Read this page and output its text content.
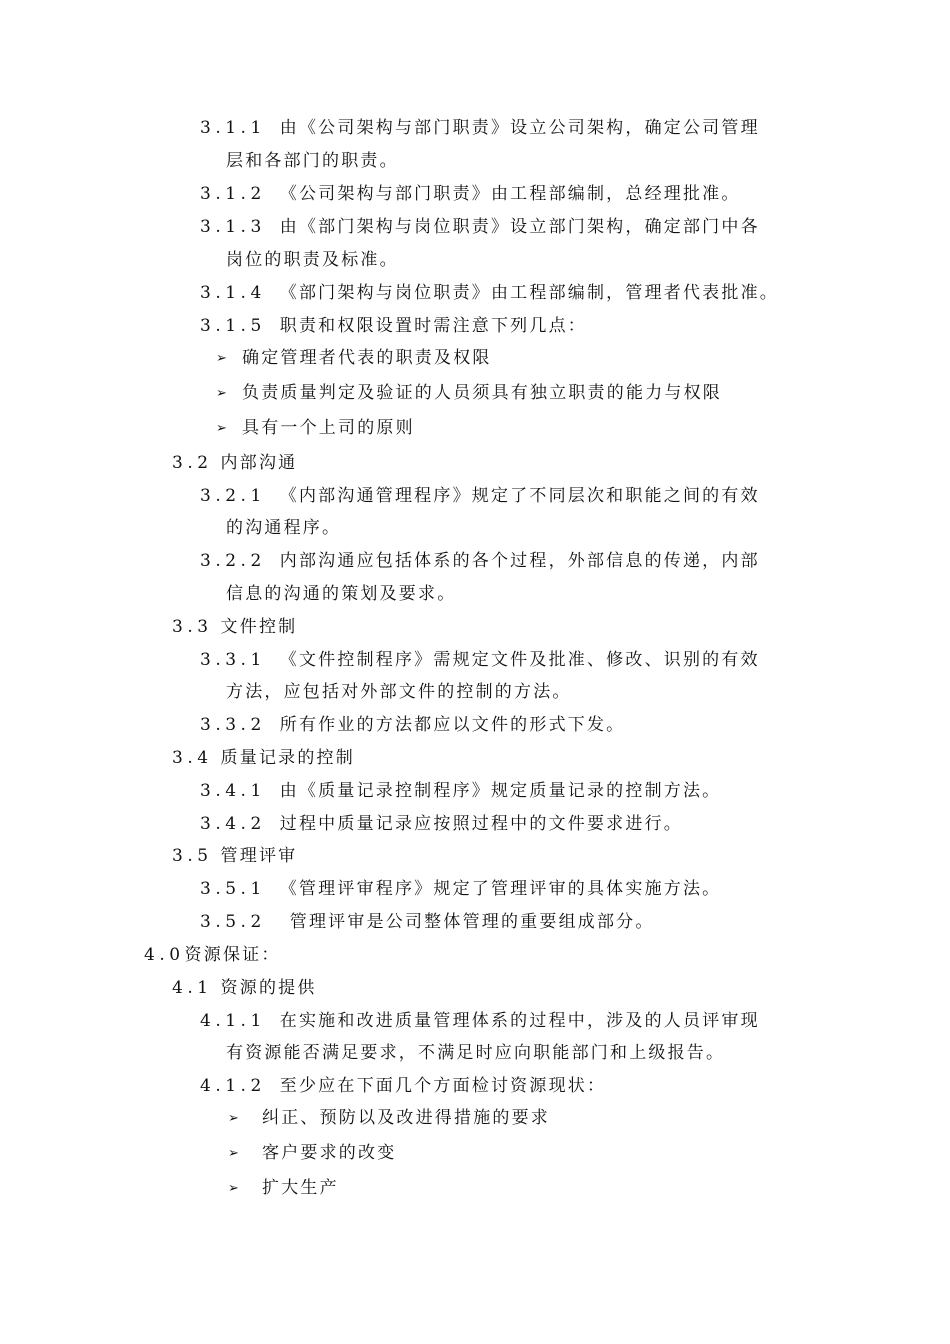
3.1.1 由《公司架构与部门职责》设立公司架构，确定公司管理
层和各部门的职责。
3.1.2 《公司架构与部门职责》由工程部编制，总经理批准。
3.1.3 由《部门架构与岗位职责》设立部门架构，确定部门中各
岗位的职责及标准。
3.1.4 《部门架构与岗位职责》由工程部编制，管理者代表批准。
3.1.5 职责和权限设置时需注意下列几点：
➢ 确定管理者代表的职责及权限
➢ 负责质量判定及验证的人员须具有独立职责的能力与权限
➢ 具有一个上司的原则
3.2 内部沟通
3.2.1 《内部沟通管理程序》规定了不同层次和职能之间的有效
的沟通程序。
3.2.2 内部沟通应包括体系的各个过程，外部信息的传递，内部
信息的沟通的策划及要求。
3.3 文件控制
3.3.1 《文件控制程序》需规定文件及批准、修改、识别的有效
方法，应包括对外部文件的控制的方法。
3.3.2 所有作业的方法都应以文件的形式下发。
3.4 质量记录的控制
3.4.1 由《质量记录控制程序》规定质量记录的控制方法。
3.4.2 过程中质量记录应按照过程中的文件要求进行。
3.5 管理评审
3.5.1 《管理评审程序》规定了管理评审的具体实施方法。
3.5.2 管理评审是公司整体管理的重要组成部分。
4.0资源保证：
4.1 资源的提供
4.1.1 在实施和改进质量管理体系的过程中，涉及的人员评审现
有资源能否满足要求，不满足时应向职能部门和上级报告。
4.1.2 至少应在下面几个方面检讨资源现状：
➢ 纠正、预防以及改进得措施的要求
➢ 客户要求的改变
➢ 扩大生产
